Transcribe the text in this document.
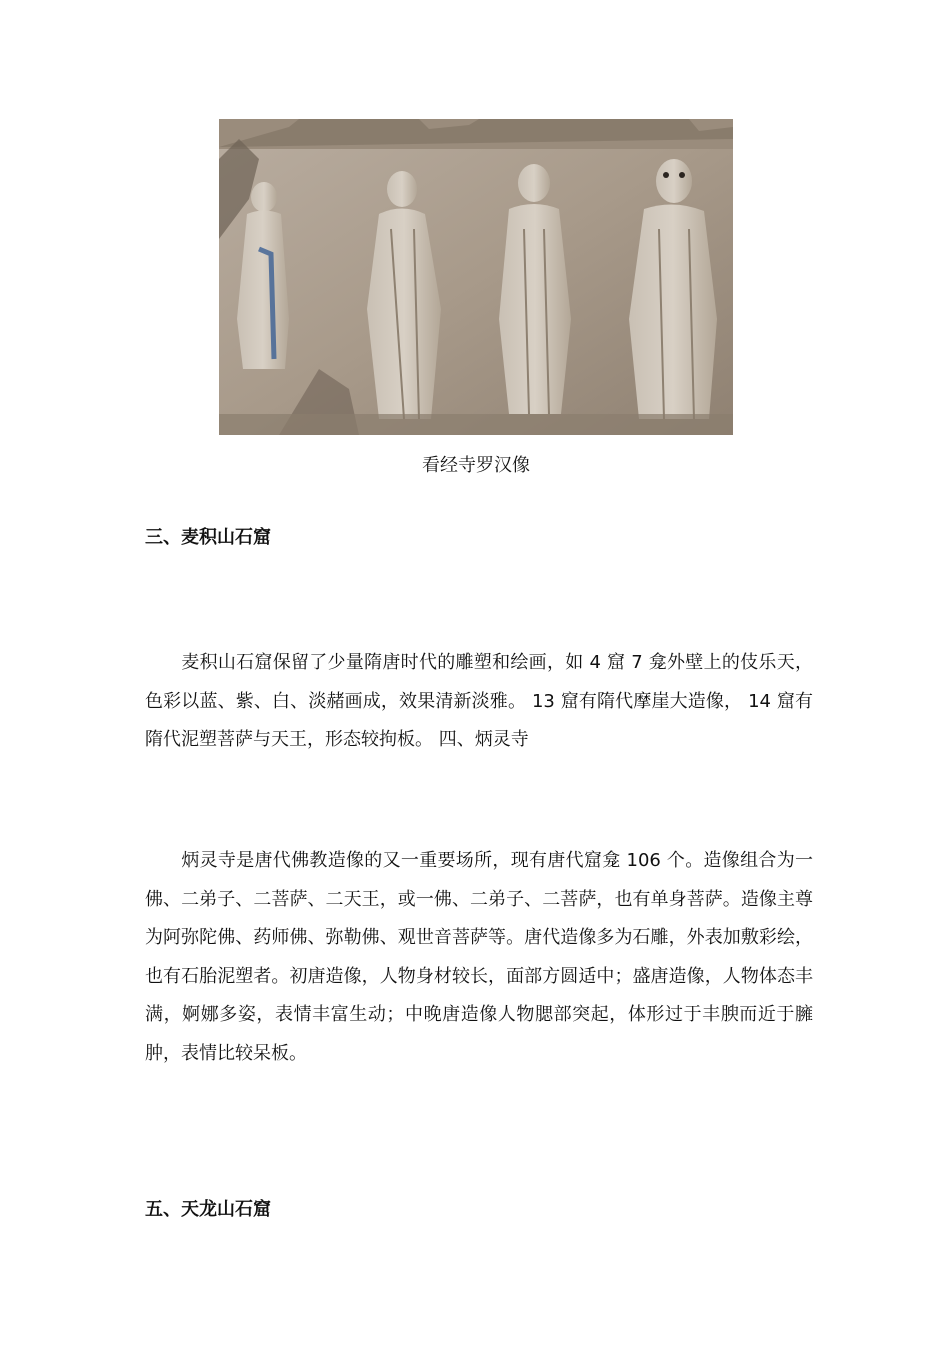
看经寺罗汉像
三、麦积山石窟
麦积山石窟保留了少量隋唐时代的雕塑和绘画，如 4 窟 7 龛外壁上的伎乐天，色彩以蓝、紫、白、淡赭画成，效果清新淡雅。 13 窟有隋代摩崖大造像， 14 窟有隋代泥塑菩萨与天王，形态较拘板。 四、炳灵寺
炳灵寺是唐代佛教造像的又一重要场所，现有唐代窟龛 106 个。造像组合为一佛、二弟子、二菩萨、二天王，或一佛、二弟子、二菩萨，也有单身菩萨。造像主尊为阿弥陀佛、药师佛、弥勒佛、观世音菩萨等。唐代造像多为石雕，外表加敷彩绘，也有石胎泥塑者。初唐造像，人物身材较长，面部方圆适中；盛唐造像，人物体态丰满，婀娜多姿，表情丰富生动；中晚唐造像人物腮部突起，体形过于丰腴而近于臃肿，表情比较呆板。
五、天龙山石窟
